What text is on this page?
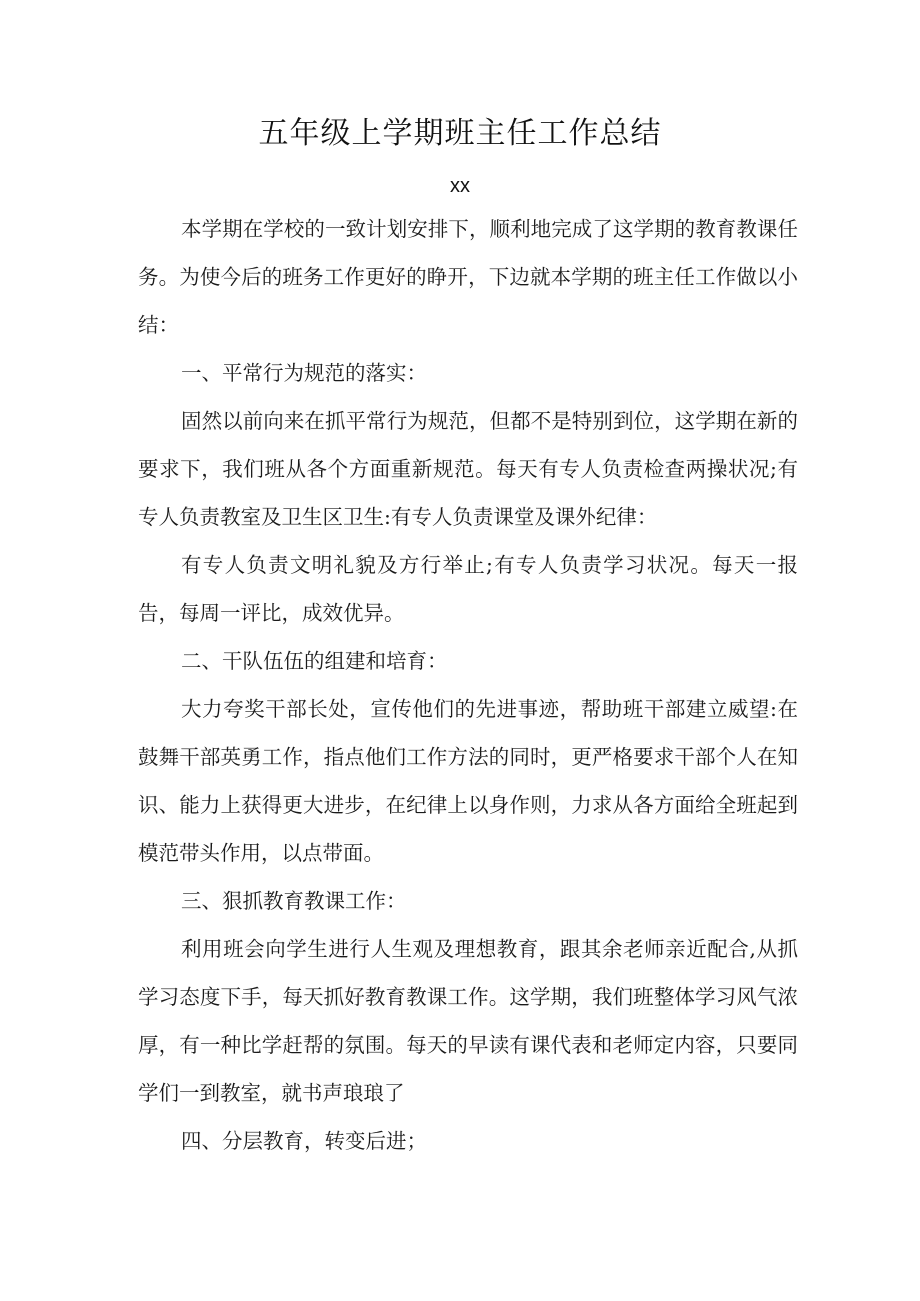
五年级上学期班主任工作总结
xx

本学期在学校的一致计划安排下，顺利地完成了这学期的教育教课任务。为使今后的班务工作更好的睁开，下边就本学期的班主任工作做以小结：

一、平常行为规范的落实：

固然以前向来在抓平常行为规范，但都不是特别到位，这学期在新的要求下，我们班从各个方面重新规范。每天有专人负责检查两操状况;有专人负责教室及卫生区卫生:有专人负责课堂及课外纪律：

有专人负责文明礼貌及方行举止;有专人负责学习状况。每天一报告，每周一评比，成效优异。

二、干队伍伍的组建和培育：

大力夸奖干部长处，宣传他们的先进事迹，帮助班干部建立威望:在鼓舞干部英勇工作，指点他们工作方法的同时，更严格要求干部个人在知识、能力上获得更大进步，在纪律上以身作则，力求从各方面给全班起到模范带头作用，以点带面。

三、狠抓教育教课工作：

利用班会向学生进行人生观及理想教育，跟其余老师亲近配合,从抓学习态度下手，每天抓好教育教课工作。这学期，我们班整体学习风气浓厚，有一种比学赶帮的氛围。每天的早读有课代表和老师定内容，只要同学们一到教室，就书声琅琅了

四、分层教育，转变后进；
